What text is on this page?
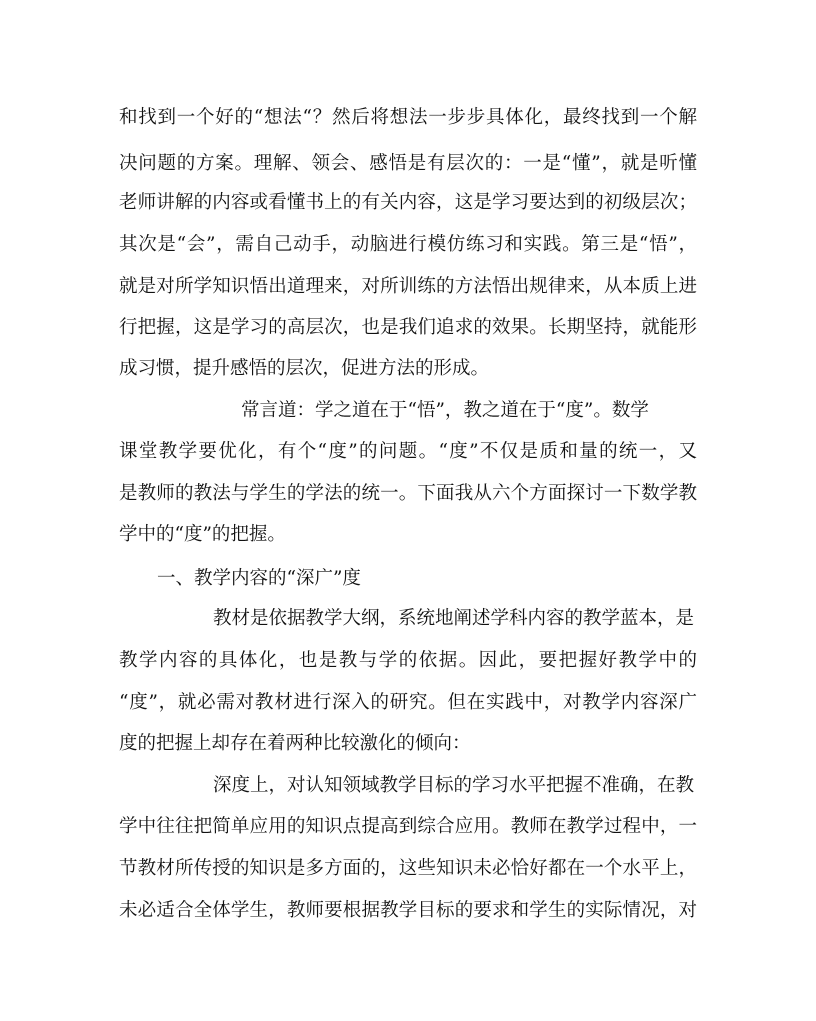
和找到一个好的“想法“？然后将想法一步步具体化，最终找到一个解
决问题的方案。理解、领会、感悟是有层次的：一是“懂”，就是听懂
老师讲解的内容或看懂书上的有关内容，这是学习要达到的初级层次；
其次是“会”，需自己动手，动脑进行模仿练习和实践。第三是“悟”，
就是对所学知识悟出道理来，对所训练的方法悟出规律来，从本质上进
行把握，这是学习的高层次，也是我们追求的效果。长期坚持，就能形
成习惯，提升感悟的层次，促进方法的形成。
常言道：学之道在于“悟”，教之道在于“度”。数学
课堂教学要优化，有个“度”的问题。“度”不仅是质和量的统一，又
是教师的教法与学生的学法的统一。下面我从六个方面探讨一下数学教
学中的“度”的把握。
一、教学内容的“深广”度
教材是依据教学大纲，系统地阐述学科内容的教学蓝本，是
教学内容的具体化，也是教与学的依据。因此，要把握好教学中的
“度”，就必需对教材进行深入的研究。但在实践中，对教学内容深广
度的把握上却存在着两种比较激化的倾向：
深度上，对认知领域教学目标的学习水平把握不准确，在教
学中往往把简单应用的知识点提高到综合应用。教师在教学过程中，一
节教材所传授的知识是多方面的，这些知识未必恰好都在一个水平上，
未必适合全体学生，教师要根据教学目标的要求和学生的实际情况，对
